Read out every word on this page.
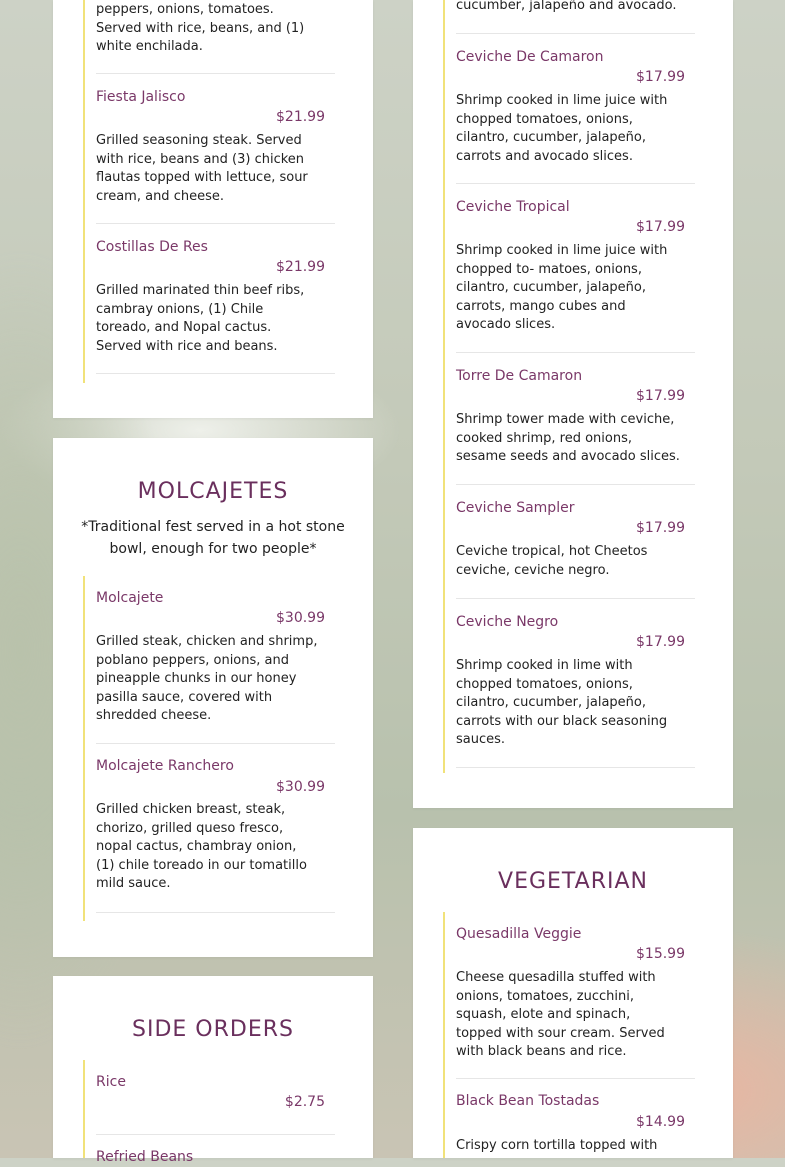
peppers, onions, tomatoes. Served with rice, beans, and (1) white enchilada.
Fiesta Jalisco
$21.99
Grilled seasoning steak. Served with rice, beans and (3) chicken flautas topped with lettuce, sour cream, and cheese.
Costillas De Res
$21.99
Grilled marinated thin beef ribs, cambray onions, (1) Chile toreado, and Nopal cactus. Served with rice and beans.
MOLCAJETES

*Traditional fest served in a hot stone bowl, enough for two people*

Molcajete
$30.99
Grilled steak, chicken and shrimp, poblano peppers, onions, and pineapple chunks in our honey pasilla sauce, covered with shredded cheese.
Molcajete Ranchero
$30.99
Grilled chicken breast, steak, chorizo, grilled queso fresco, nopal cactus, chambray onion, (1) chile toreado in our tomatillo mild sauce.
SIDE ORDERS
Rice
$2.75
Refried Beans
cucumber, jalapeño and avocado.
Ceviche De Camaron
$17.99
Shrimp cooked in lime juice with chopped tomatoes, onions, cilantro, cucumber, jalapeño, carrots and avocado slices.
Ceviche Tropical
$17.99
Shrimp cooked in lime juice with chopped to- matoes, onions, cilantro, cucumber, jalapeño, carrots, mango cubes and avocado slices.
Torre De Camaron
$17.99
Shrimp tower made with ceviche, cooked shrimp, red onions, sesame seeds and avocado slices.
Ceviche Sampler
$17.99
Ceviche tropical, hot Cheetos ceviche, ceviche negro.
Ceviche Negro
$17.99
Shrimp cooked in lime with chopped tomatoes, onions, cilantro, cucumber, jalapeño, carrots with our black seasoning sauces.
VEGETARIAN
Quesadilla Veggie
$15.99
Cheese quesadilla stuffed with onions, tomatoes, zucchini, squash, elote and spinach, topped with sour cream. Served with black beans and rice.
Black Bean Tostadas
$14.99
Crispy corn tortilla topped with
